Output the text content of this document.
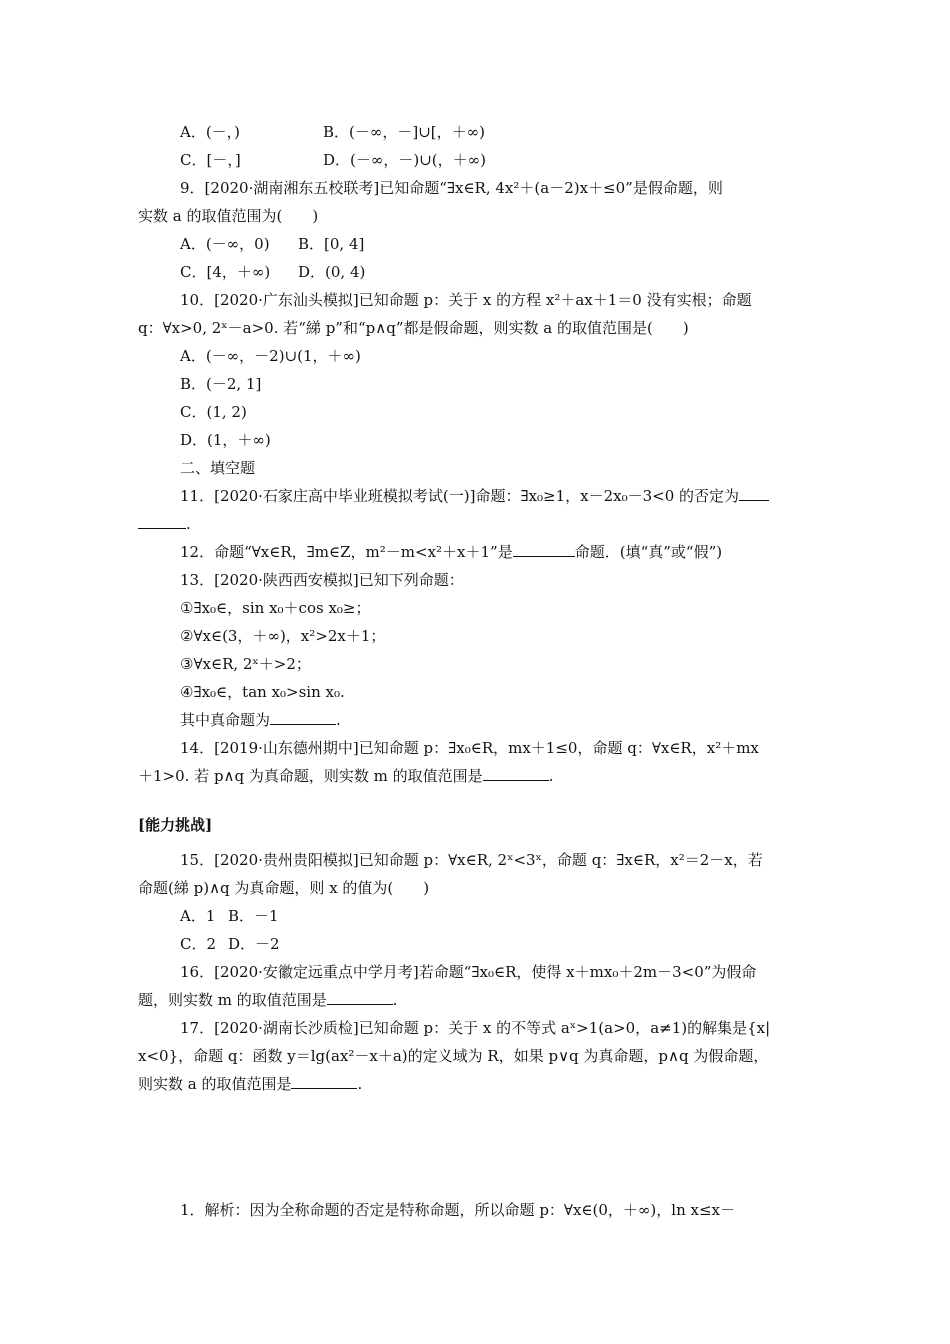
A．(－，)	B．(－∞，－]∪[，＋∞)
C．[－，]	D．(－∞，－)∪(，＋∞)
9．[2020·湖南湘东五校联考]已知命题“∃x∈R, 4x²＋(a－2)x＋≤0”是假命题，则
实数 a 的取值范围为(　　)
A．(－∞，0) B．[0, 4]
C．[4，＋∞) D．(0, 4)
10．[2020·广东汕头模拟]已知命题 p：关于 x 的方程 x²＋ax＋1＝0 没有实根；命题
q：∀x>0, 2ˣ－a>0. 若“綈 p”和“p∧q”都是假命题，则实数 a 的取值范围是(　　)
A．(－∞，－2)∪(1，＋∞)
B．(－2, 1]
C．(1, 2)
D．(1，＋∞)
二、填空题
11．[2020·石家庄高中毕业班模拟考试(一)]命题：∃x₀≥1，x－2x₀－3<0 的否定为
.
12．命题“∀x∈R，∃m∈Z，m²－m<x²＋x＋1”是	命题．(填“真”或“假”)
13．[2020·陕西西安模拟]已知下列命题：
①∃x₀∈，sin x₀＋cos x₀≥；
②∀x∈(3，＋∞)，x²>2x＋1；
③∀x∈R, 2ˣ＋>2；
④∃x₀∈，tan x₀>sin x₀.
其中真命题为	.
14．[2019·山东德州期中]已知命题 p：∃x₀∈R，mx＋1≤0，命题 q：∀x∈R，x²＋mx
＋1>0. 若 p∧q 为真命题，则实数 m 的取值范围是	.
[能力挑战]
15．[2020·贵州贵阳模拟]已知命题 p：∀x∈R, 2ˣ<3ˣ，命题 q：∃x∈R，x²＝2－x，若
命题(綈 p)∧q 为真命题，则 x 的值为(　　)
A．1 B．－1
C．2 D．－2
16．[2020·安徽定远重点中学月考]若命题“∃x₀∈R，使得 x＋mx₀＋2m－3<0”为假命
题，则实数 m 的取值范围是	.
17．[2020·湖南长沙质检]已知命题 p：关于 x 的不等式 aˣ>1(a>0，a≠1)的解集是{x|
x<0}，命题 q：函数 y＝lg(ax²－x＋a)的定义域为 R，如果 p∨q 为真命题，p∧q 为假命题，
则实数 a 的取值范围是	.
1．解析：因为全称命题的否定是特称命题，所以命题 p：∀x∈(0，＋∞)，ln x≤x－
